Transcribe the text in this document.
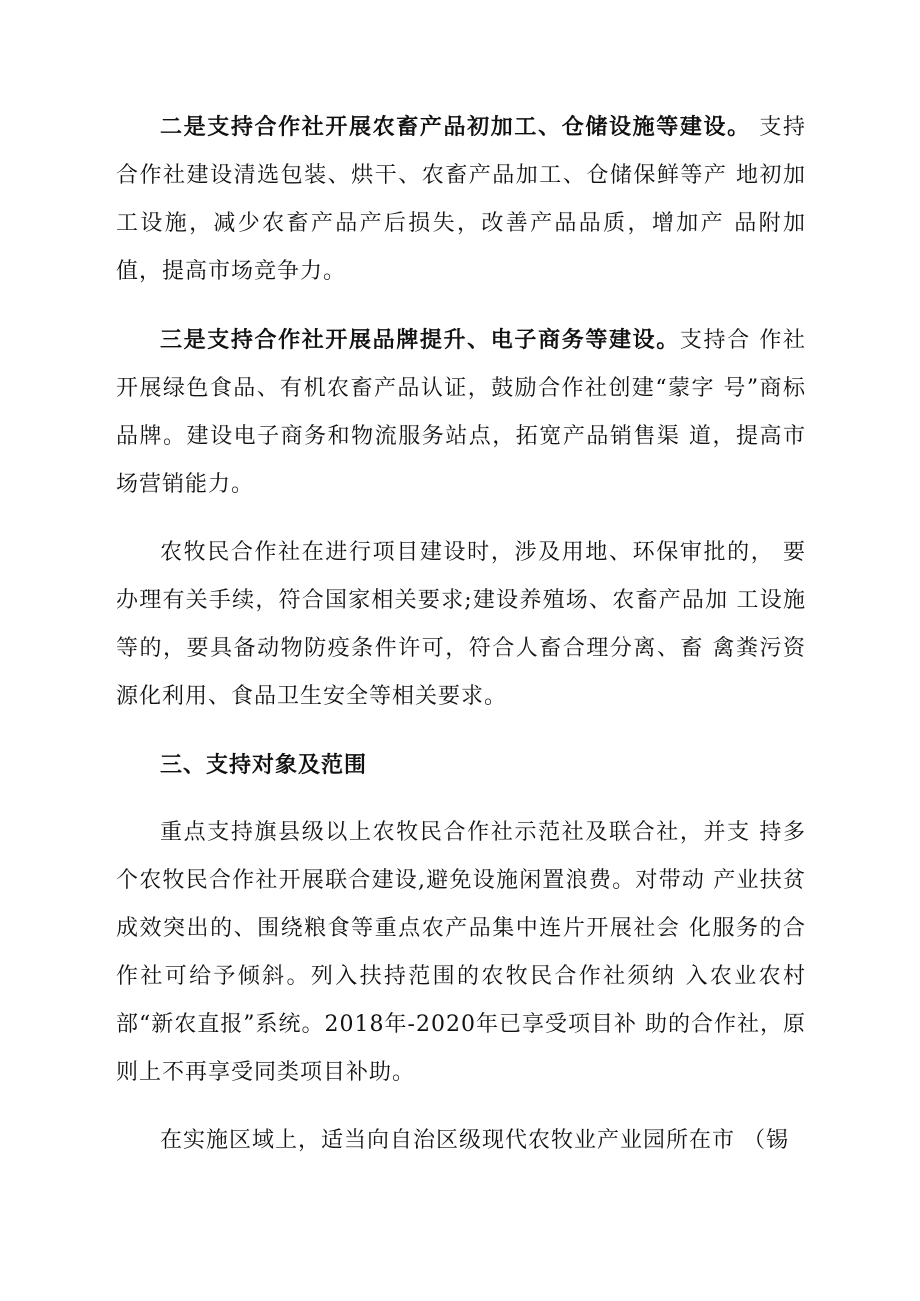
二是支持合作社开展农畜产品初加工、仓储设施等建设。 支持合作社建设清选包装、烘干、农畜产品加工、仓储保鲜等产 地初加工设施，减少农畜产品产后损失，改善产品品质，增加产 品附加值，提高市场竞争力。

三是支持合作社开展品牌提升、电子商务等建设。支持合 作社开展绿色食品、有机农畜产品认证，鼓励合作社创建“蒙字 号”商标品牌。建设电子商务和物流服务站点，拓宽产品销售渠 道，提高市场营销能力。

农牧民合作社在进行项目建设时，涉及用地、环保审批的， 要办理有关手续，符合国家相关要求;建设养殖场、农畜产品加 工设施等的，要具备动物防疫条件许可，符合人畜合理分离、畜 禽粪污资源化利用、食品卫生安全等相关要求。

三、支持对象及范围

重点支持旗县级以上农牧民合作社示范社及联合社，并支 持多个农牧民合作社开展联合建设,避免设施闲置浪费。对带动 产业扶贫成效突出的、围绕粮食等重点农产品集中连片开展社会 化服务的合作社可给予倾斜。列入扶持范围的农牧民合作社须纳 入农业农村部“新农直报”系统。2018年-2020年已享受项目补 助的合作社，原则上不再享受同类项目补助。

在实施区域上，适当向自治区级现代农牧业产业园所在市 （锡
